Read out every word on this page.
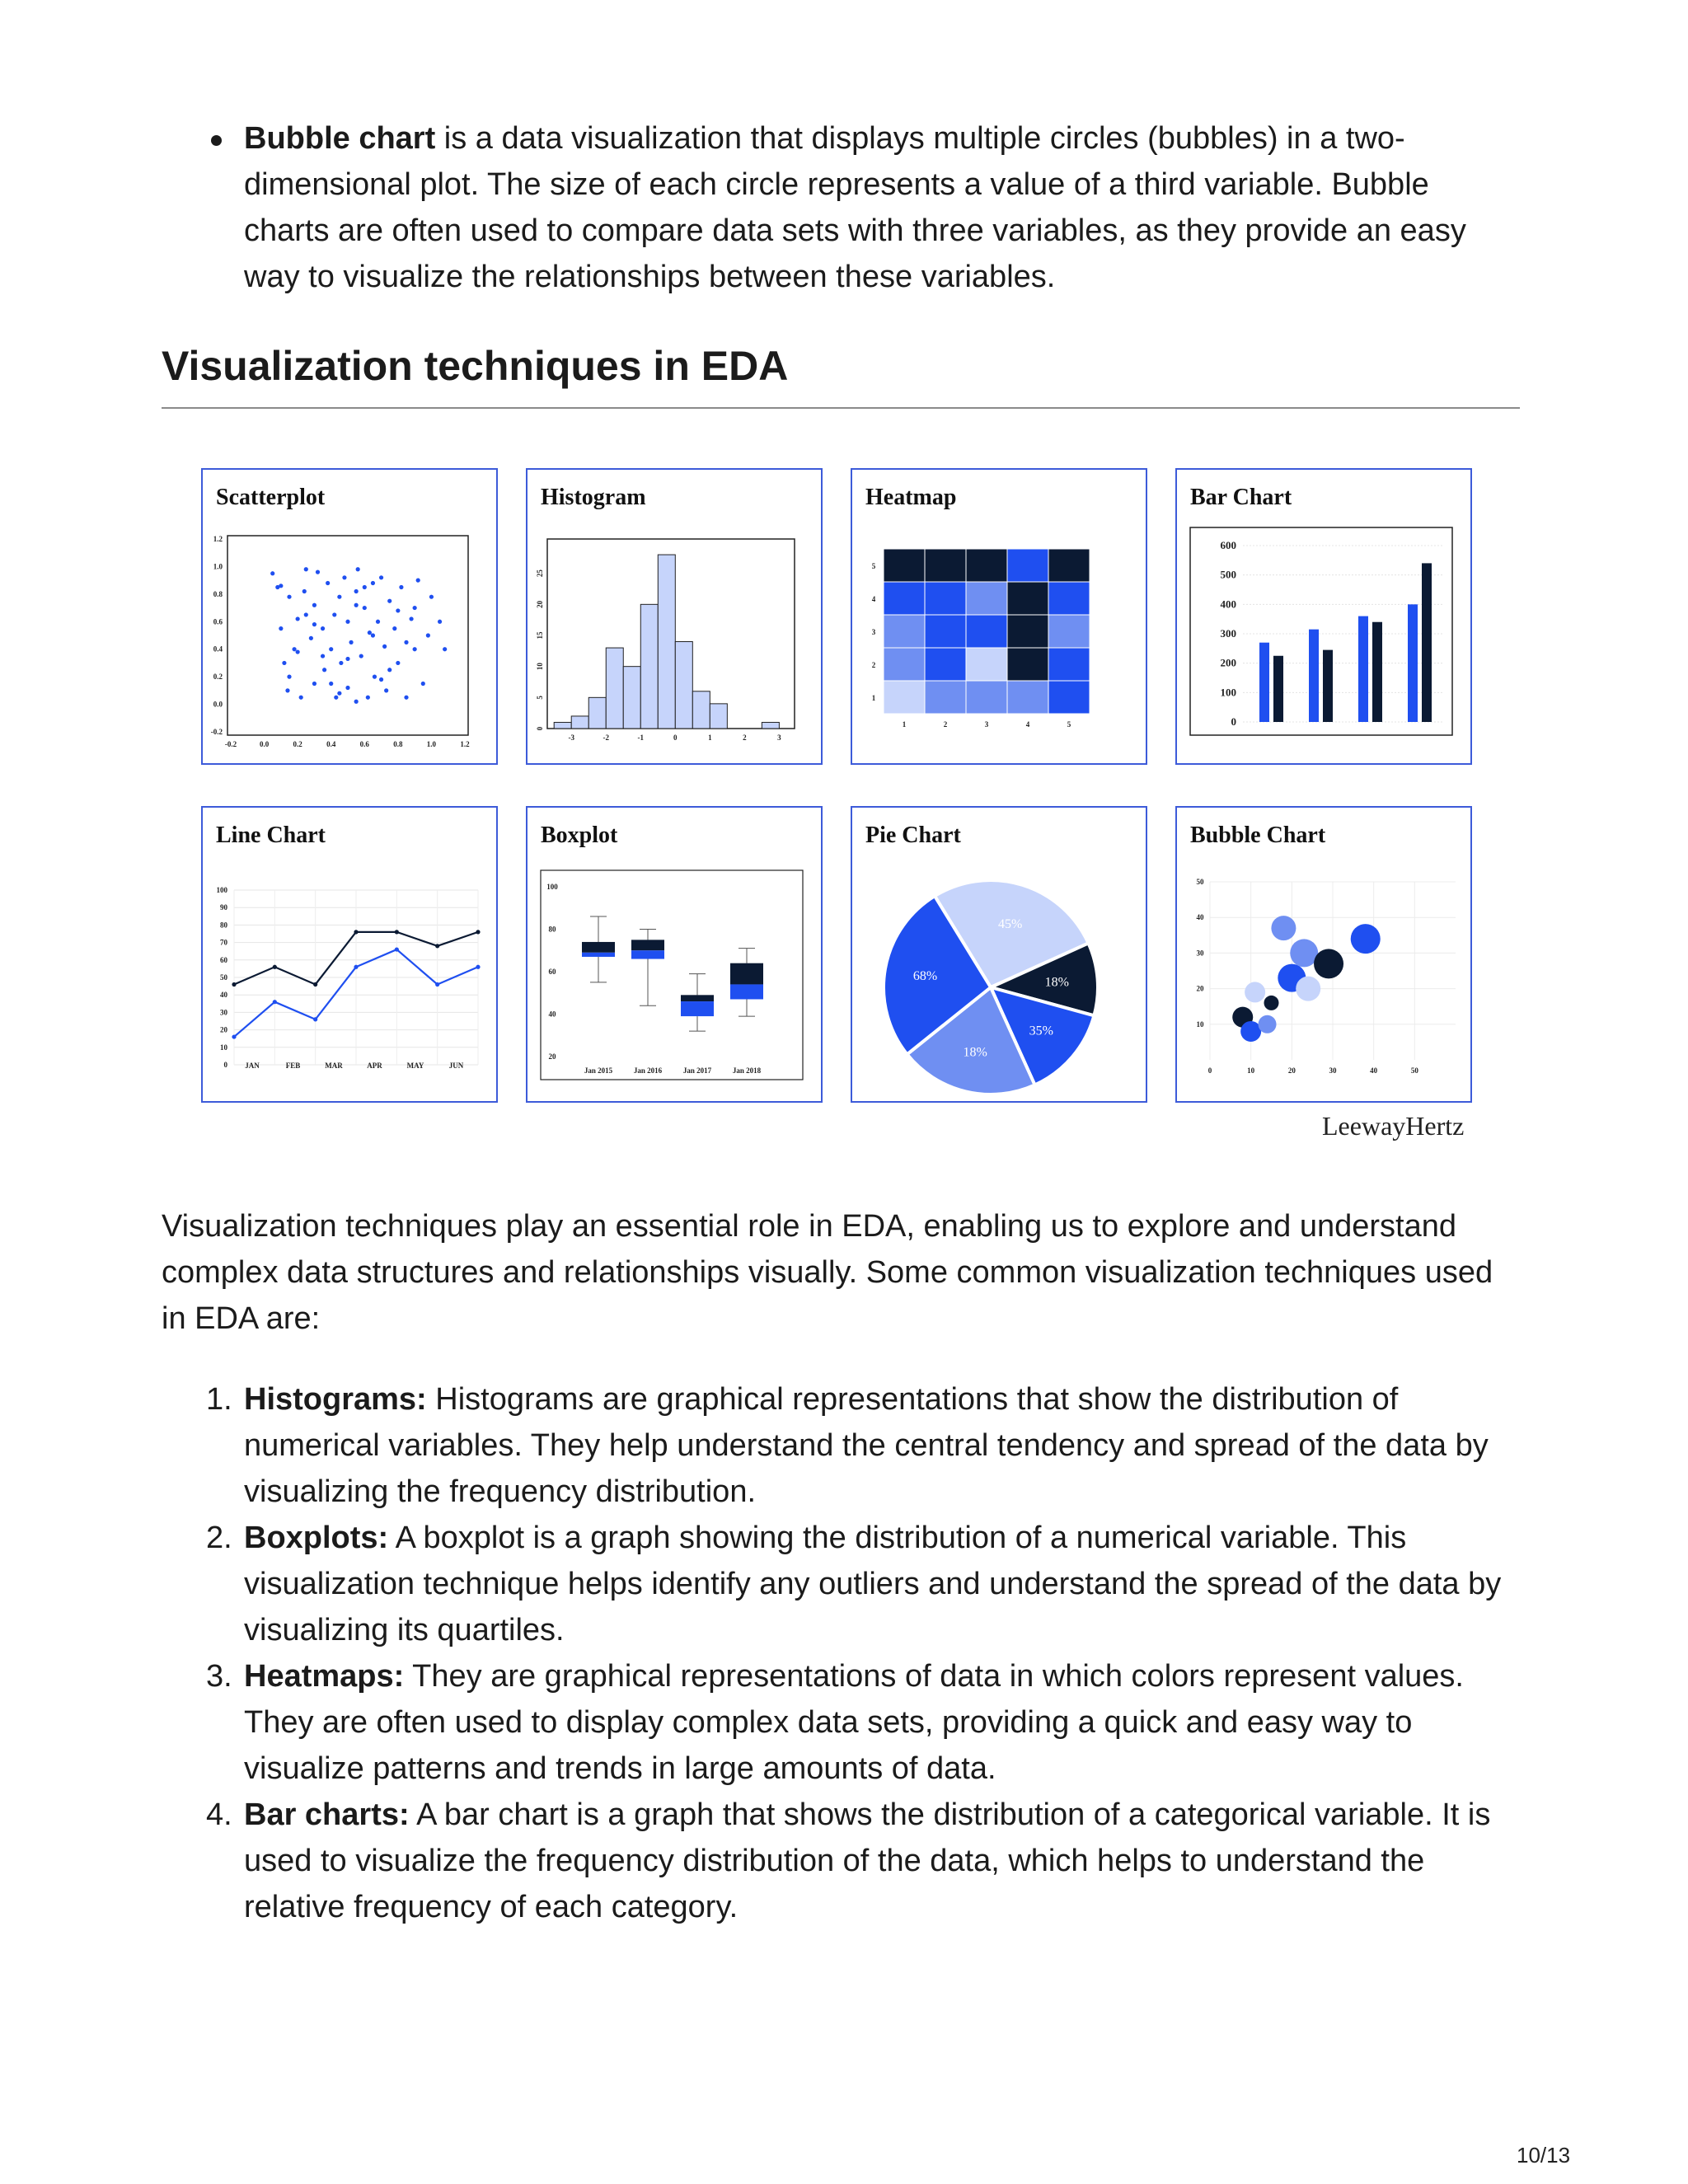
Bubble chart is a data visualization that displays multiple circles (bubbles) in a two-dimensional plot. The size of each circle represents a value of a third variable. Bubble charts are often used to compare data sets with three variables, as they provide an easy way to visualize the relationships between these variables.
Visualization techniques in EDA
Scatterplot
-0.2	0.0	0.2	0.4	0.6	0.8	1.0	1.2
-0.2
0.0
0.2
0.4
0.6
0.8
1.0
1.2
Histogram
-3	-2	-1	0	1	2	3
0
5
10
15
20
25
Heatmap
1	2	3	4	5
1
2
3
4
5
Bar Chart
0
100
200
300
400
500
600
Line Chart
0
10
20
30
40
50
60
70
80
90
100
JAN	FEB	MAR	APR	MAY	JUN
Boxplot
20
40
60
80
100
Jan 2015	Jan 2016	Jan 2017	Jan 2018
Pie Chart
45%
18%
35%
18%
68%
Bubble Chart
10
20
30
40
50
0	10	20	30	40	50
LeewayHertz
Visualization techniques play an essential role in EDA, enabling us to explore and understand complex data structures and relationships visually. Some common visualization techniques used in EDA are:
1. Histograms: Histograms are graphical representations that show the distribution of numerical variables. They help understand the central tendency and spread of the data by visualizing the frequency distribution.
2. Boxplots: A boxplot is a graph showing the distribution of a numerical variable. This visualization technique helps identify any outliers and understand the spread of the data by visualizing its quartiles.
3. Heatmaps: They are graphical representations of data in which colors represent values. They are often used to display complex data sets, providing a quick and easy way to visualize patterns and trends in large amounts of data.
4. Bar charts: A bar chart is a graph that shows the distribution of a categorical variable. It is used to visualize the frequency distribution of the data, which helps to understand the relative frequency of each category.
10/13
